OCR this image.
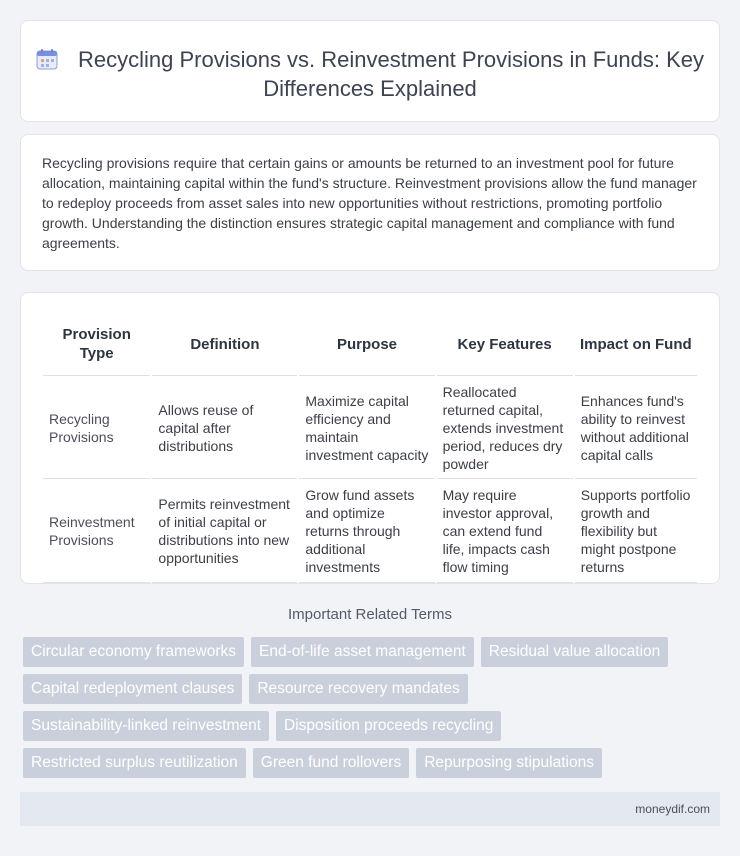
Recycling Provisions vs. Reinvestment Provisions in Funds: Key Differences Explained

Recycling provisions require that certain gains or amounts be returned to an investment pool for future allocation, maintaining capital within the fund's structure. Reinvestment provisions allow the fund manager to redeploy proceeds from asset sales into new opportunities without restrictions, promoting portfolio growth. Understanding the distinction ensures strategic capital management and compliance with fund agreements.

Provision Type	Definition	Purpose	Key Features	Impact on Fund
Recycling Provisions	Allows reuse of capital after distributions	Maximize capital efficiency and maintain investment capacity	Reallocated returned capital, extends investment period, reduces dry powder	Enhances fund's ability to reinvest without additional capital calls
Reinvestment Provisions	Permits reinvestment of initial capital or distributions into new opportunities	Grow fund assets and optimize returns through additional investments	May require investor approval, can extend fund life, impacts cash flow timing	Supports portfolio growth and flexibility but might postpone returns
Important Related Terms
Circular economy frameworks	End-of-life asset management	Residual value allocation
Capital redeployment clauses	Resource recovery mandates
Sustainability-linked reinvestment	Disposition proceeds recycling
Restricted surplus reutilization	Green fund rollovers	Repurposing stipulations
moneydif.com
